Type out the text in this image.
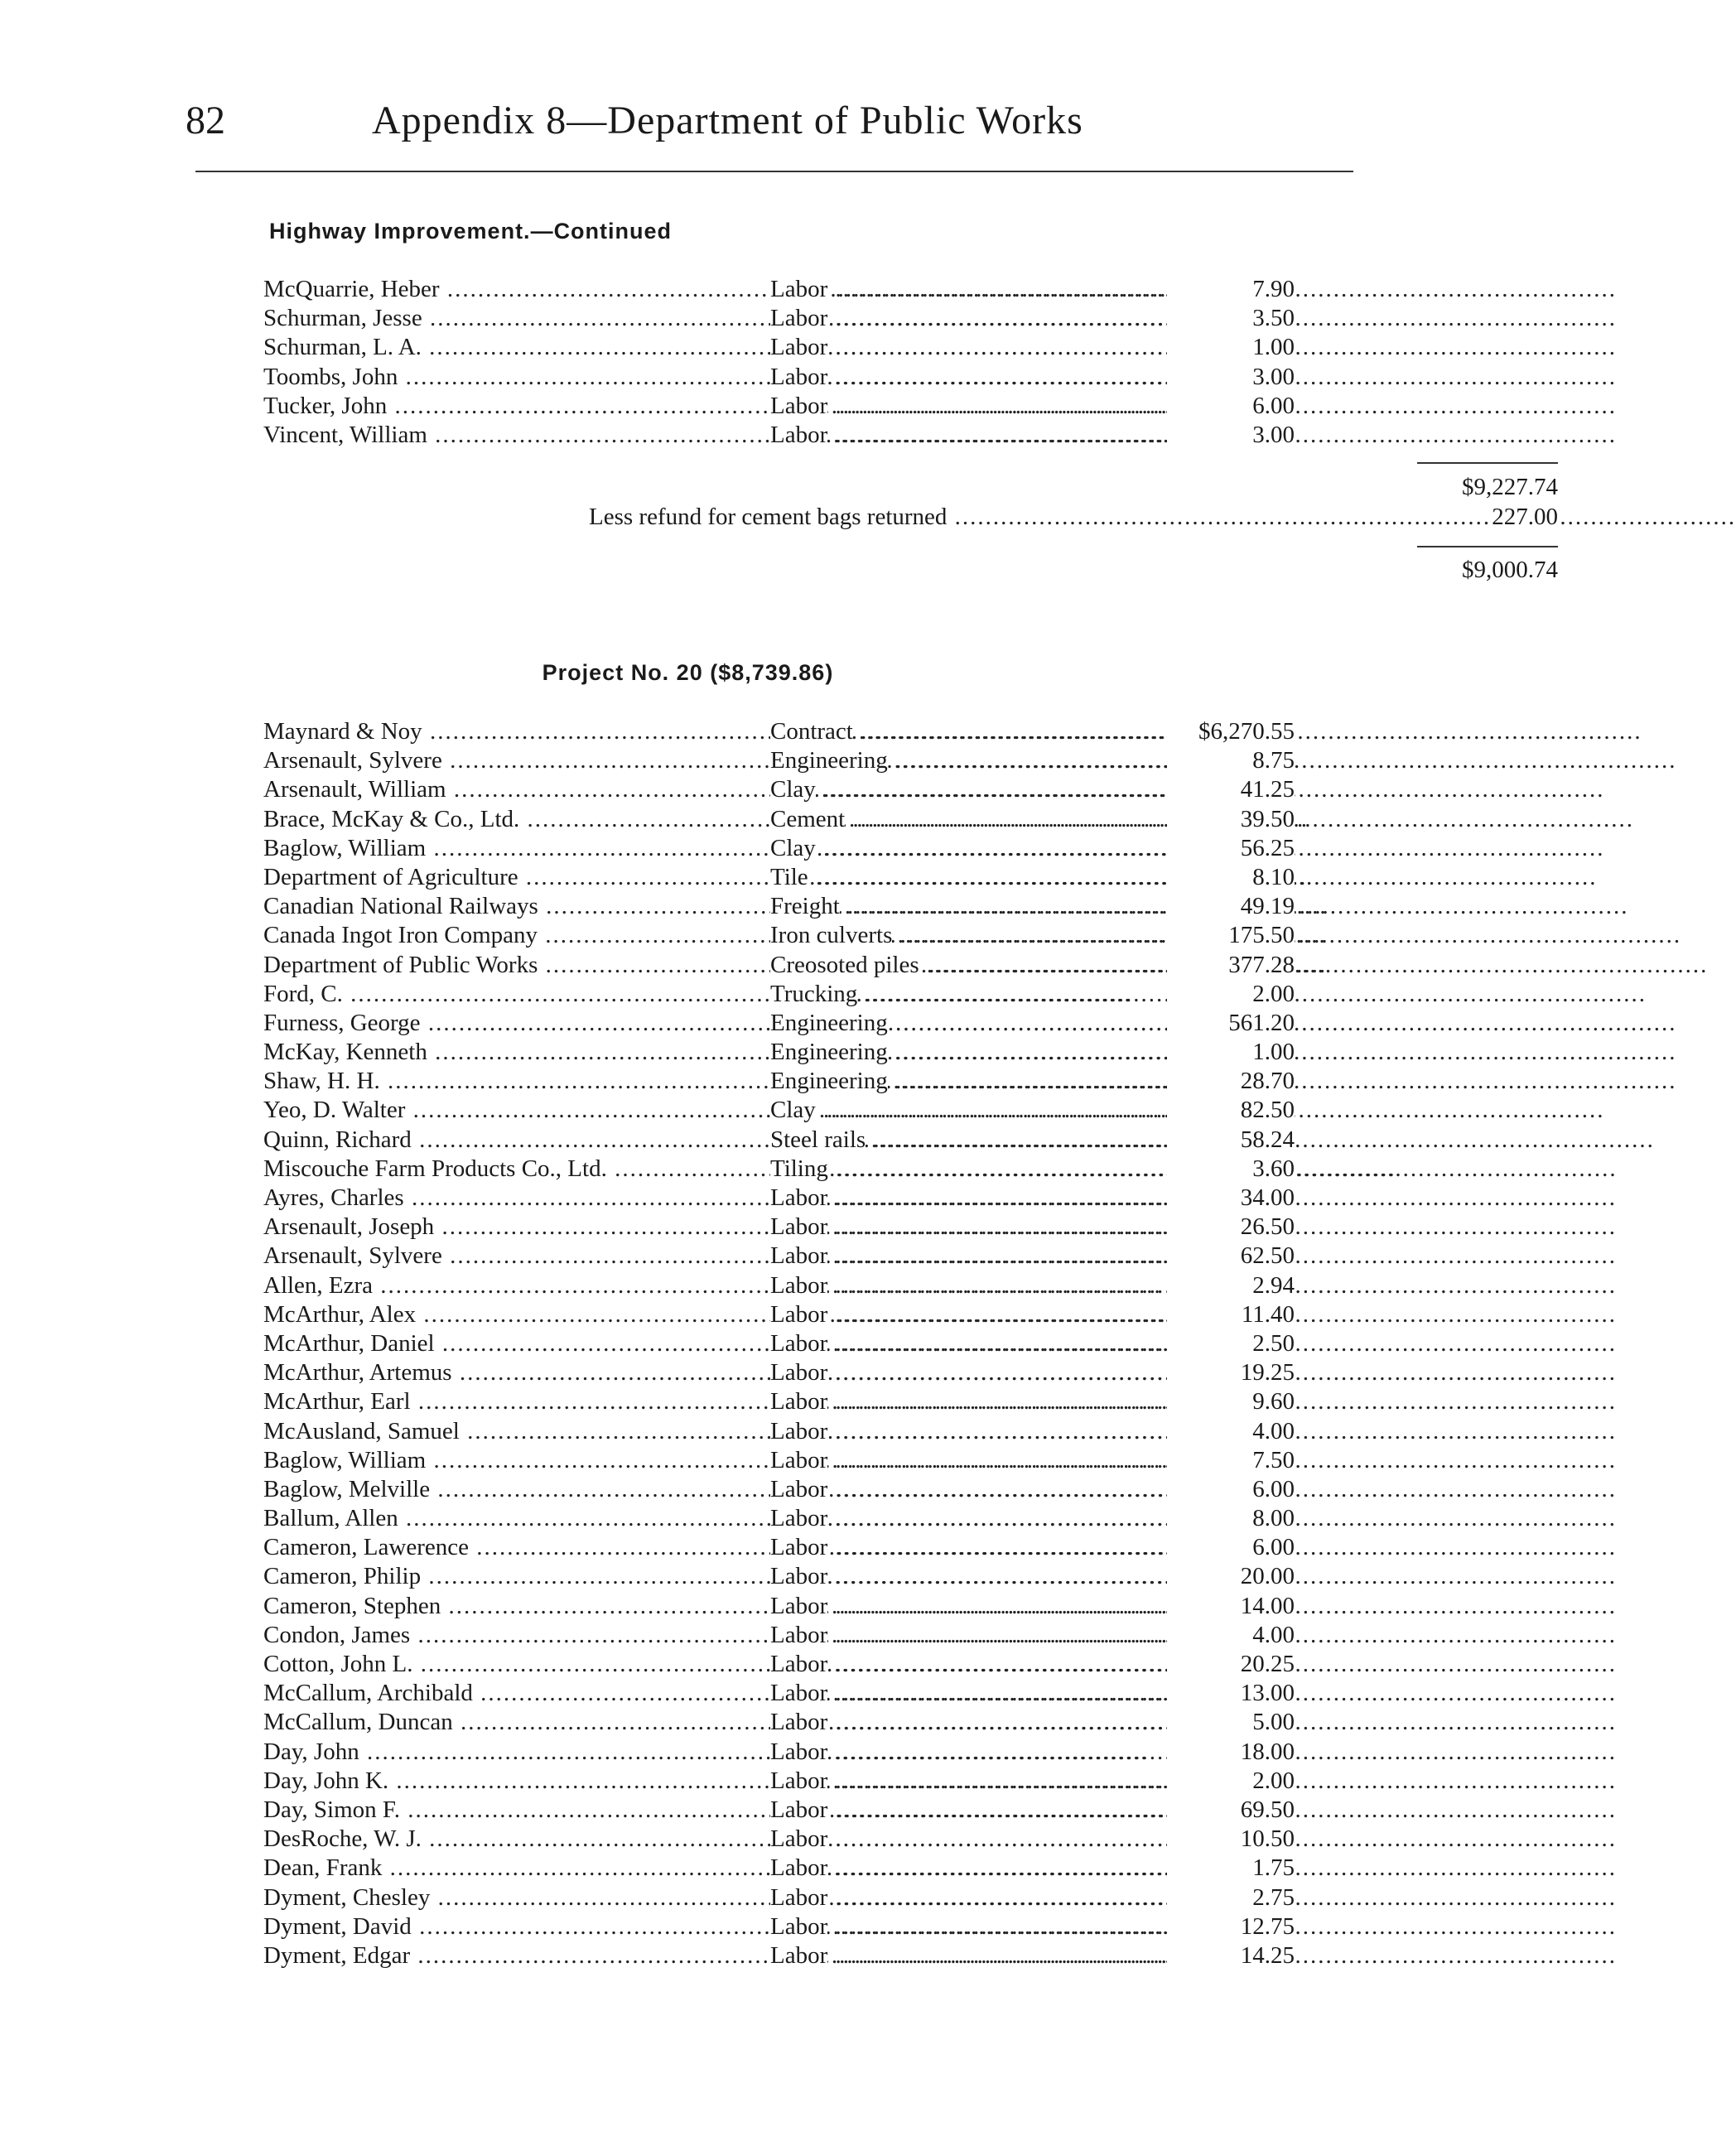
82	Appendix 8—Department of Public Works
Highway Improvement.—Continued
McQuarrie, Heber .....	Labor .....	7.90
Schurman, Jesse .....	Labor .....	3.50
Schurman, L. A. .....	Labor .....	1.00
Toombs, John .....	Labor .....	3.00
Tucker, John .....	Labor .....	6.00
Vincent, William .....	Labor .....	3.00
$9,227.74
Less refund for cement bags returned .....	227.00
$9,000.74
Project No. 20 ($8,739.86)
Maynard & Noy .....	Contract .....	$6,270.55
Arsenault, Sylvere .....	Engineering .....	8.75
Arsenault, William .....	Clay .....	41.25
Brace, McKay & Co., Ltd. .....	Cement .....	39.50
Baglow, William .....	Clay .....	56.25
Department of Agriculture .....	Tile .....	8.10
Canadian National Railways .....	Freight .....	49.19
Canada Ingot Iron Company .....	Iron culverts .....	175.50
Department of Public Works .....	Creosoted piles .....	377.28
Ford, C. .....	Trucking .....	2.00
Furness, George .....	Engineering .....	561.20
McKay, Kenneth .....	Engineering .....	1.00
Shaw, H. H. .....	Engineering .....	28.70
Yeo, D. Walter .....	Clay .....	82.50
Quinn, Richard .....	Steel rails .....	58.24
Miscouche Farm Products Co., Ltd. .....	Tiling .....	3.60
Ayres, Charles .....	Labor .....	34.00
Arsenault, Joseph .....	Labor .....	26.50
Arsenault, Sylvere .....	Labor .....	62.50
Allen, Ezra .....	Labor .....	2.94
McArthur, Alex .....	Labor .....	11.40
McArthur, Daniel .....	Labor .....	2.50
McArthur, Artemus .....	Labor .....	19.25
McArthur, Earl .....	Labor .....	9.60
McAusland, Samuel .....	Labor .....	4.00
Baglow, William .....	Labor .....	7.50
Baglow, Melville .....	Labor .....	6.00
Ballum, Allen .....	Labor .....	8.00
Cameron, Lawerence .....	Labor .....	6.00
Cameron, Philip .....	Labor .....	20.00
Cameron, Stephen .....	Labor .....	14.00
Condon, James .....	Labor .....	4.00
Cotton, John L. .....	Labor .....	20.25
McCallum, Archibald .....	Labor .....	13.00
McCallum, Duncan .....	Labor .....	5.00
Day, John .....	Labor .....	18.00
Day, John K. .....	Labor .....	2.00
Day, Simon F. .....	Labor .....	69.50
DesRoche, W. J. .....	Labor .....	10.50
Dean, Frank .....	Labor .....	1.75
Dyment, Chesley .....	Labor .....	2.75
Dyment, David .....	Labor .....	12.75
Dyment, Edgar .....	Labor .....	14.25
